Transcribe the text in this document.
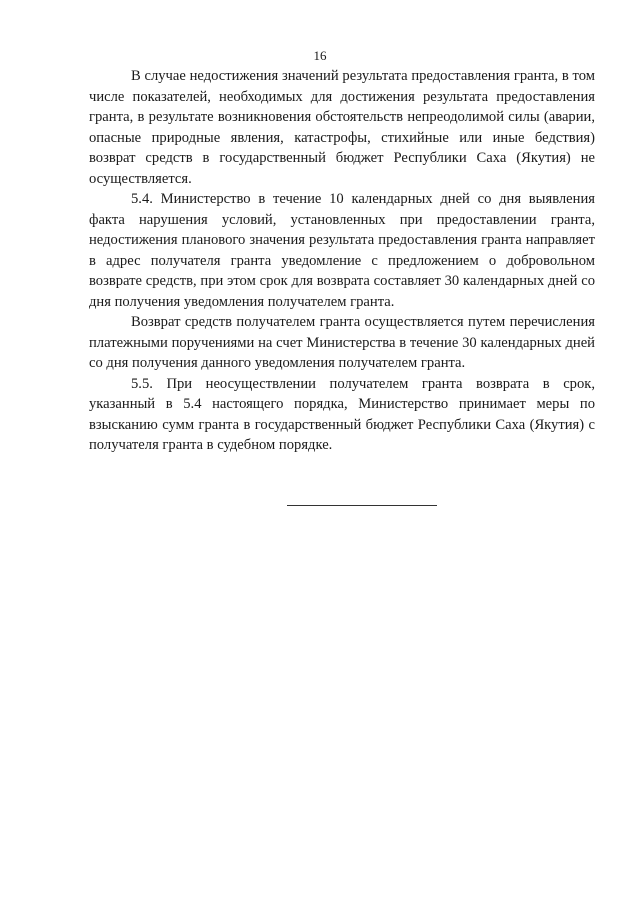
16

В случае недостижения значений результата предоставления гранта, в том числе показателей, необходимых для достижения результата предоставления гранта, в результате возникновения обстоятельств непреодолимой силы (аварии, опасные природные явления, катастрофы, стихийные или иные бедствия) возврат средств в государственный бюджет Республики Саха (Якутия) не осуществляется.

5.4. Министерство в течение 10 календарных дней со дня выявления факта нарушения условий, установленных при предоставлении гранта, недостижения планового значения результата предоставления гранта направляет в адрес получателя гранта уведомление с предложением о добровольном возврате средств, при этом срок для возврата составляет 30 календарных дней со дня получения уведомления получателем гранта.

Возврат средств получателем гранта осуществляется путем перечисления платежными поручениями на счет Министерства в течение 30 календарных дней со дня получения данного уведомления получателем гранта.

5.5. При неосуществлении получателем гранта возврата в срок, указанный в 5.4 настоящего порядка, Министерство принимает меры по взысканию сумм гранта в государственный бюджет Республики Саха (Якутия) с получателя гранта в судебном порядке.
